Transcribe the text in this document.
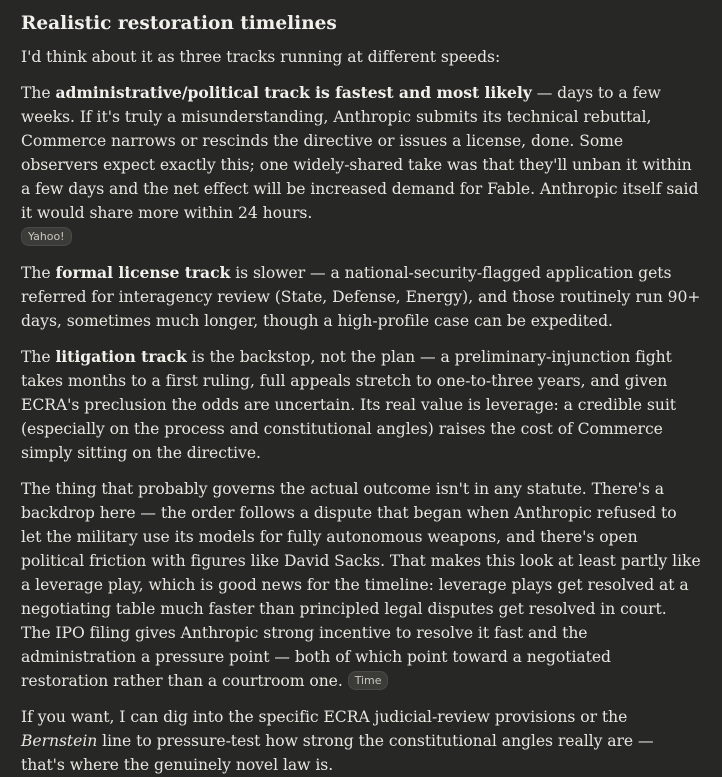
Realistic restoration timelines

I'd think about it as three tracks running at different speeds:

The administrative/political track is fastest and most likely — days to a few weeks. If it's truly a misunderstanding, Anthropic submits its technical rebuttal, Commerce narrows or rescinds the directive or issues a license, done. Some observers expect exactly this; one widely-shared take was that they'll unban it within a few days and the net effect will be increased demand for Fable. Anthropic itself said it would share more within 24 hours.
Yahoo!

The formal license track is slower — a national-security-flagged application gets referred for interagency review (State, Defense, Energy), and those routinely run 90+ days, sometimes much longer, though a high-profile case can be expedited.

The litigation track is the backstop, not the plan — a preliminary-injunction fight takes months to a first ruling, full appeals stretch to one-to-three years, and given ECRA's preclusion the odds are uncertain. Its real value is leverage: a credible suit (especially on the process and constitutional angles) raises the cost of Commerce simply sitting on the directive.

The thing that probably governs the actual outcome isn't in any statute. There's a backdrop here — the order follows a dispute that began when Anthropic refused to let the military use its models for fully autonomous weapons, and there's open political friction with figures like David Sacks. That makes this look at least partly like a leverage play, which is good news for the timeline: leverage plays get resolved at a negotiating table much faster than principled legal disputes get resolved in court. The IPO filing gives Anthropic strong incentive to resolve it fast and the administration a pressure point — both of which point toward a negotiated restoration rather than a courtroom one. Time

If you want, I can dig into the specific ECRA judicial-review provisions or the Bernstein line to pressure-test how strong the constitutional angles really are — that's where the genuinely novel law is.
